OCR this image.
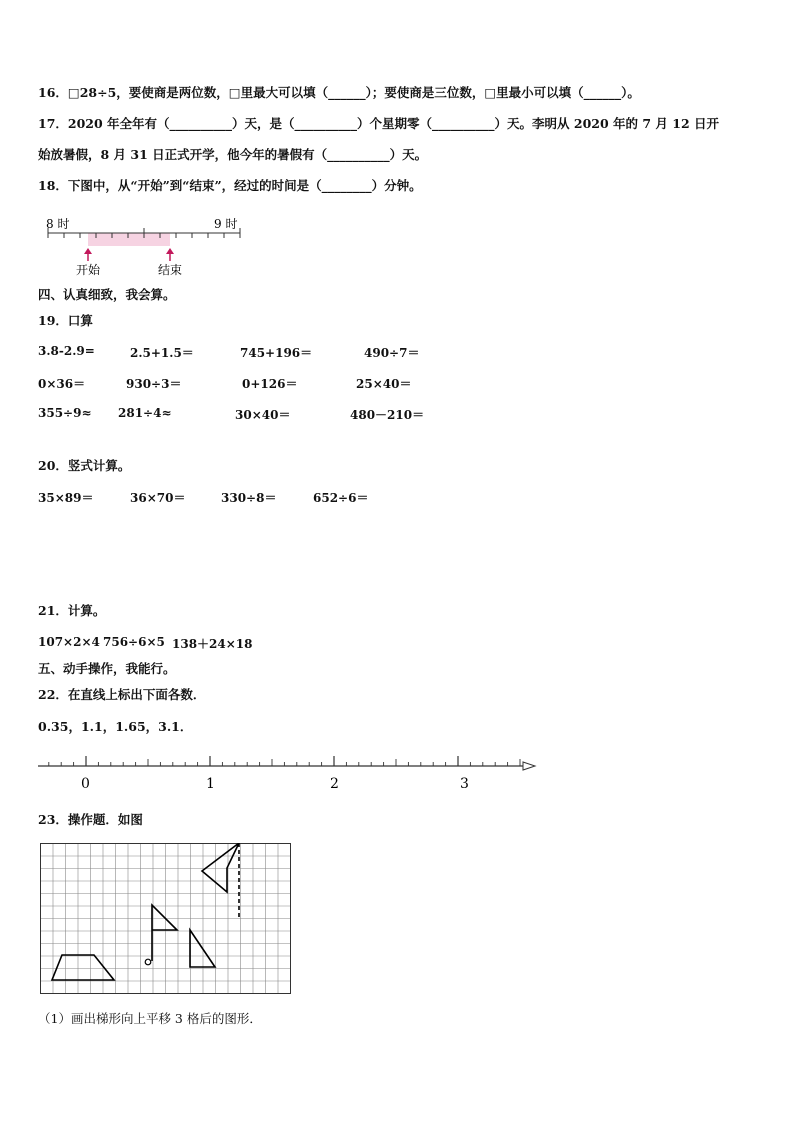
16．□28÷5，要使商是两位数，□里最大可以填（______）；要使商是三位数，□里最小可以填（______）。
17．2020 年全年有（__________）天，是（__________）个星期零（__________）天。李明从 2020 年的 7 月 12 日开
始放暑假，8 月 31 日正式开学，他今年的暑假有（__________）天。
18．下图中，从“开始”到“结束”，经过的时间是（________）分钟。
8 时	9 时
开始	结束
四、认真细致，我会算。
19．口算
3.8-2.9=	2.5+1.5＝	745+196＝	490÷7＝
0×36＝	930÷3＝	0+126＝	25×40＝
355÷9≈ 281÷4≈	30×40＝	480－210＝
20．竖式计算。
35×89＝	36×70＝	330÷8＝	652÷6＝
21．计算。
107×2×4 756÷6×5 138＋24×18
五、动手操作，我能行。
22．在直线上标出下面各数．
0.35，1.1，1.65，3.1．
0	1	2	3
23．操作题．如图
（1）画出梯形向上平移 3 格后的图形．
